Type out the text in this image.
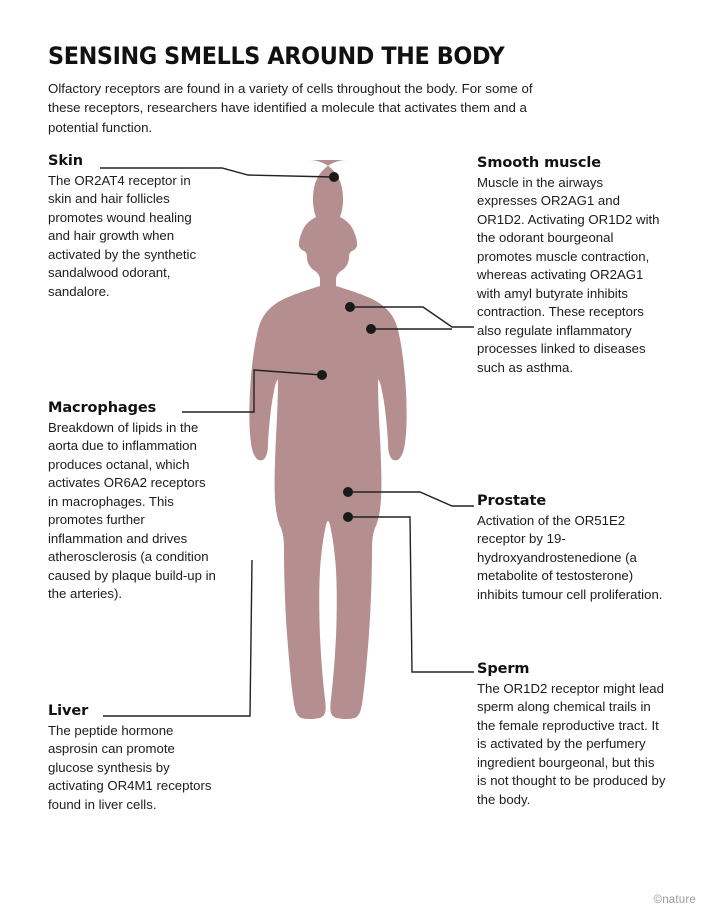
SENSING SMELLS AROUND THE BODY

Olfactory receptors are found in a variety of cells throughout the body. For some of these receptors, researchers have identified a molecule that activates them and a potential function.

Skin

The OR2AT4 receptor in skin and hair follicles promotes wound healing and hair growth when activated by the synthetic sandalwood odorant, sandalore.

Macrophages

Breakdown of lipids in the aorta due to inflammation produces octanal, which activates OR6A2 receptors in macrophages. This promotes further inflammation and drives atherosclerosis (a condition caused by plaque build-up in the arteries).

Liver

The peptide hormone asprosin can promote glucose synthesis by activating OR4M1 receptors found in liver cells.

Smooth muscle

Muscle in the airways expresses OR2AG1 and OR1D2. Activating OR1D2 with the odorant bourgeonal promotes muscle contraction, whereas activating OR2AG1 with amyl butyrate inhibits contraction. These receptors also regulate inflammatory processes linked to diseases such as asthma.

Prostate

Activation of the OR51E2 receptor by 19-hydroxyandrostenedione (a metabolite of testosterone) inhibits tumour cell proliferation.

Sperm

The OR1D2 receptor might lead sperm along chemical trails in the female reproductive tract. It is activated by the perfumery ingredient bourgeonal, but this is not thought to be produced by the body.

©nature
